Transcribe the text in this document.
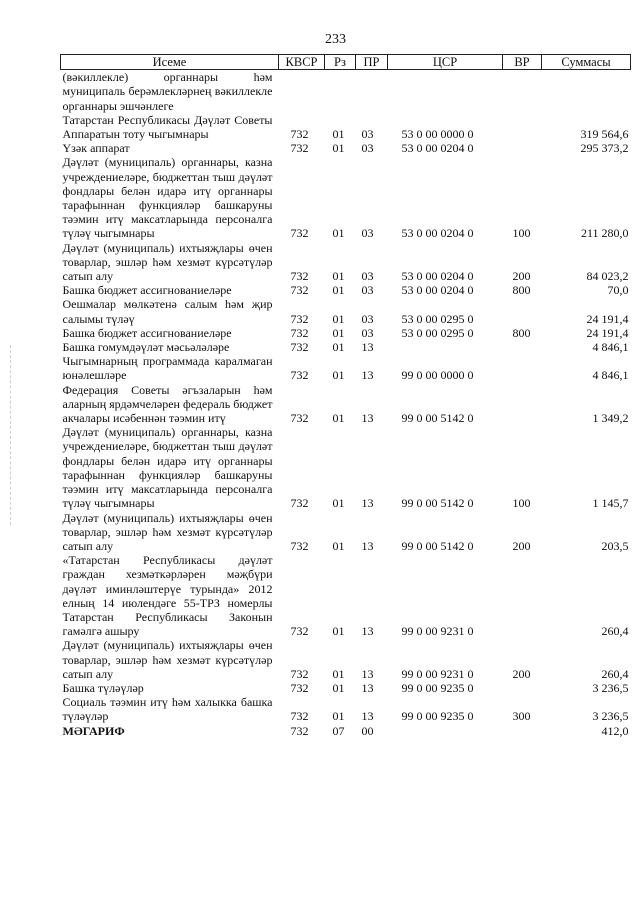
233
Исеме	КВСР	Рз	ПР	ЦСР	ВР	Суммасы
(вәкиллекле) органнары һәм муниципаль берәмлекләрнең вәкиллекле органнары эшчәнлеге						
Татарстан Республикасы Дәүләт Советы Аппаратын тоту чыгымнары	732	01	03	53 0 00 0000 0		319 564,6
Үзәк аппарат	732	01	03	53 0 00 0204 0		295 373,2
Дәүләт (муниципаль) органнары, казна учреждениеләре, бюджеттан тыш дәүләт фондлары белән идарә итү органнары тарафыннан функцияләр башкаруны тәэмин итү максатларында персоналга түләү чыгымнары	732	01	03	53 0 00 0204 0	100	211 280,0
Дәүләт (муниципаль) ихтыяҗлары өчен товарлар, эшләр һәм хезмәт күрсәтүләр сатып алу	732	01	03	53 0 00 0204 0	200	84 023,2
Башка бюджет ассигнованиеләре	732	01	03	53 0 00 0204 0	800	70,0
Оешмалар мөлкәтенә салым һәм җир салымы түләү	732	01	03	53 0 00 0295 0		24 191,4
Башка бюджет ассигнованиеләре	732	01	03	53 0 00 0295 0	800	24 191,4
Башка гомумдәүләт мәсьәләләре	732	01	13			4 846,1
Чыгымнарның программада каралмаган юнәлешләре	732	01	13	99 0 00 0000 0		4 846,1
Федерация Советы әгъзаларын һәм аларның ярдәмчеләрен федераль бюджет акчалары исәбеннән тәэмин итү	732	01	13	99 0 00 5142 0		1 349,2
Дәүләт (муниципаль) органнары, казна учреждениеләре, бюджеттан тыш дәүләт фондлары белән идарә итү органнары тарафыннан функцияләр башкаруны тәэмин итү максатларында персоналга түләү чыгымнары	732	01	13	99 0 00 5142 0	100	1 145,7
Дәүләт (муниципаль) ихтыяҗлары өчен товарлар, эшләр һәм хезмәт күрсәтүләр сатып алу	732	01	13	99 0 00 5142 0	200	203,5
«Татарстан Республикасы дәүләт граждан хезмәткәрләрен мәҗбүри дәүләт иминләштерүе турында» 2012 елның 14 июлендәге 55-ТРЗ номерлы Татарстан Республикасы Законын гамәлгә ашыру	732	01	13	99 0 00 9231 0		260,4
Дәүләт (муниципаль) ихтыяҗлары өчен товарлар, эшләр һәм хезмәт күрсәтүләр сатып алу	732	01	13	99 0 00 9231 0	200	260,4
Башка түләүләр	732	01	13	99 0 00 9235 0		3 236,5
Социаль тәэмин итү һәм халыкка башка түләүләр	732	01	13	99 0 00 9235 0	300	3 236,5
МӘГАРИФ	732	07	00			412,0
